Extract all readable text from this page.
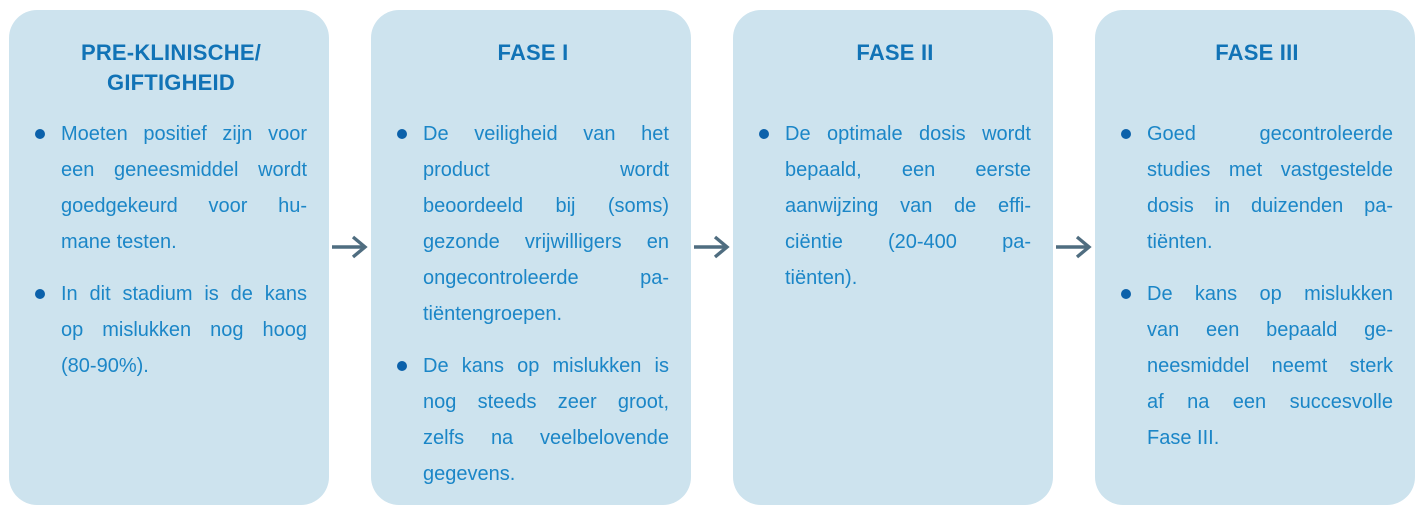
PRE-KLINISCHE/
GIFTIGHEID
Moeten positief zijn voor
een geneesmiddel wordt
goedgekeurd voor hu-
mane testen.
In dit stadium is de kans
op mislukken nog hoog
(80-90%).
FASE I
De veiligheid van het
product wordt
beoordeeld bij (soms)
gezonde vrijwilligers en
ongecontroleerde pa-
tiëntengroepen.
De kans op mislukken is
nog steeds zeer groot,
zelfs na veelbelovende
gegevens.
FASE II
De optimale dosis wordt
bepaald, een eerste
aanwijzing van de effi-
ciëntie (20-400 pa-
tiënten).
FASE III
Goed gecontroleerde
studies met vastgestelde
dosis in duizenden pa-
tiënten.
De kans op mislukken
van een bepaald ge-
neesmiddel neemt sterk
af na een succesvolle
Fase III.
